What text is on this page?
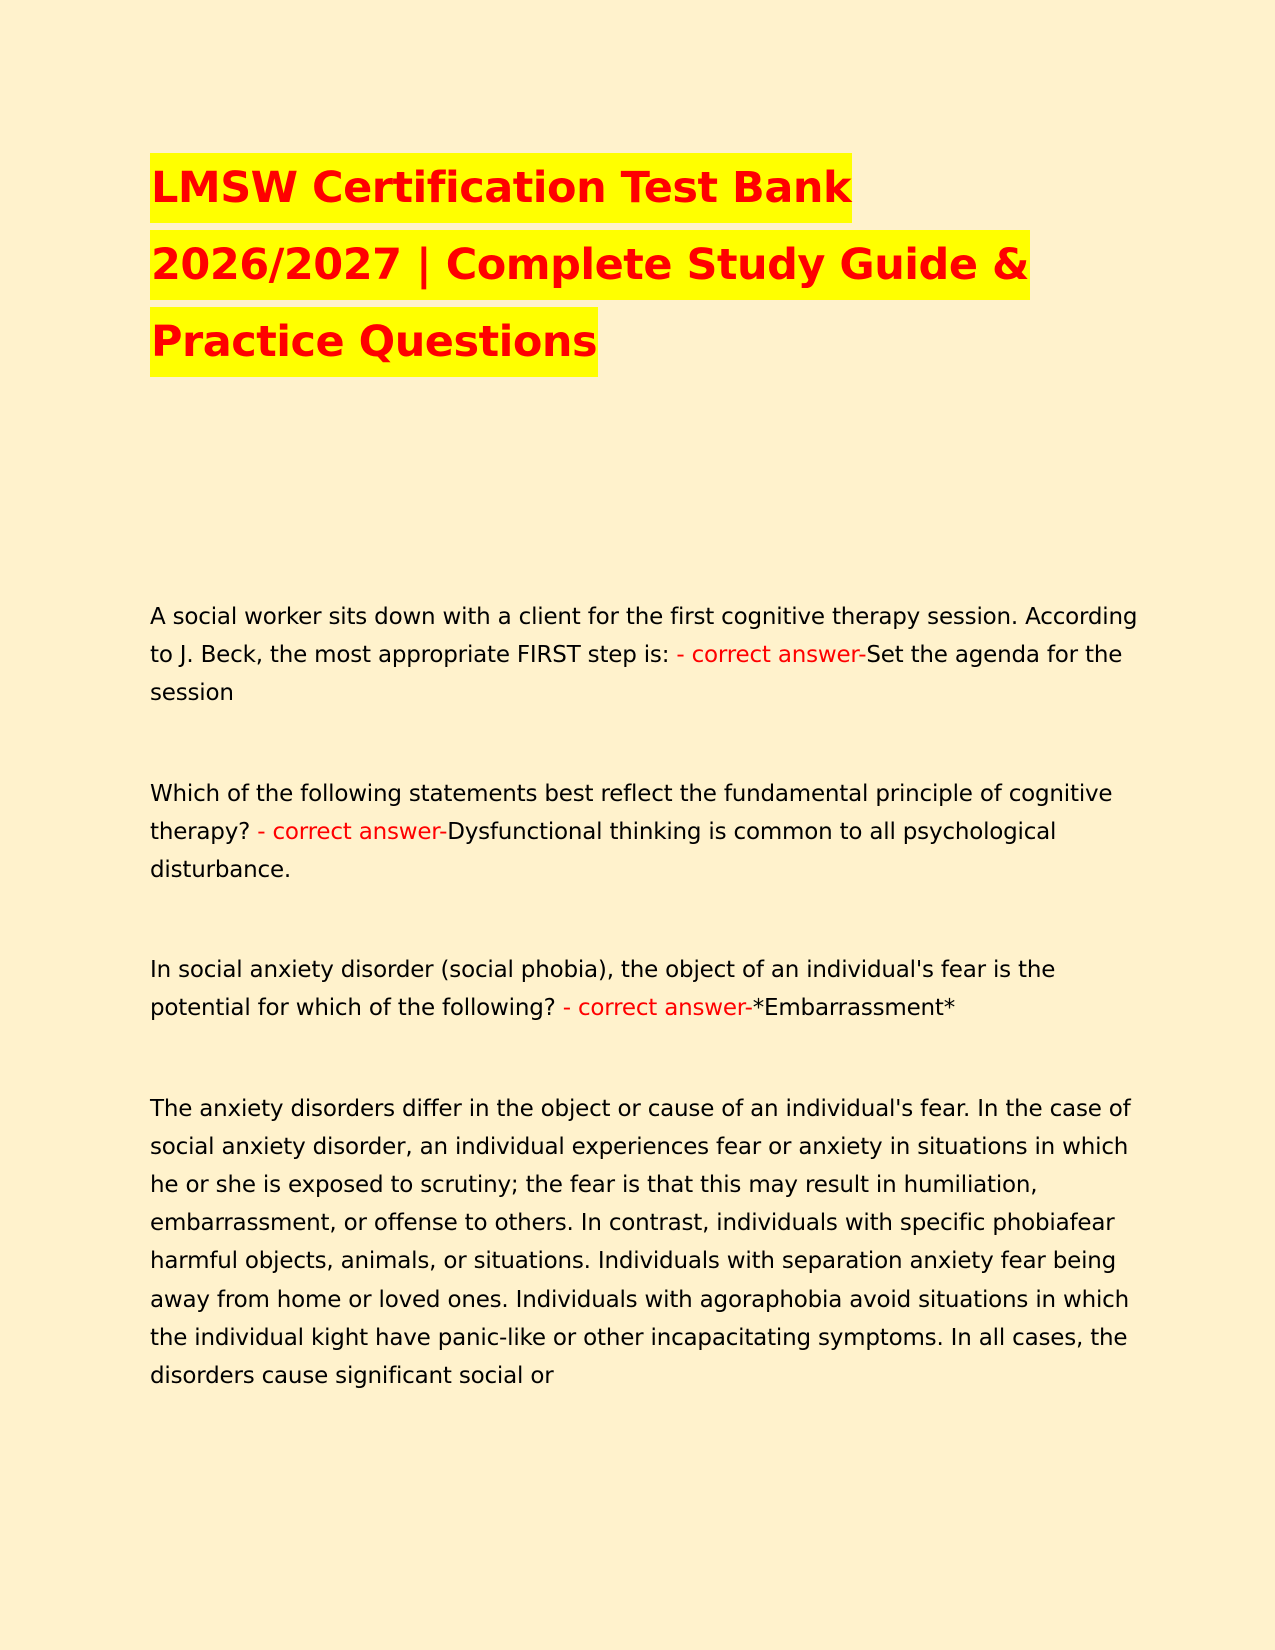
LMSW Certification Test Bank
2026/2027 | Complete Study Guide &
Practice Questions

A social worker sits down with a client for the first cognitive therapy session. According to J. Beck, the most appropriate FIRST step is: - correct answer-Set the agenda for the session

Which of the following statements best reflect the fundamental principle of cognitive therapy? - correct answer-Dysfunctional thinking is common to all psychological disturbance.

In social anxiety disorder (social phobia), the object of an individual's fear is the potential for which of the following? - correct answer-*Embarrassment*

The anxiety disorders differ in the object or cause of an individual's fear. In the case of social anxiety disorder, an individual experiences fear or anxiety in situations in which he or she is exposed to scrutiny; the fear is that this may result in humiliation, embarrassment, or offense to others. In contrast, individuals with specific phobiafear harmful objects, animals, or situations. Individuals with separation anxiety fear being away from home or loved ones. Individuals with agoraphobia avoid situations in which the individual kight have panic-like or other incapacitating symptoms. In all cases, the disorders cause significant social or
